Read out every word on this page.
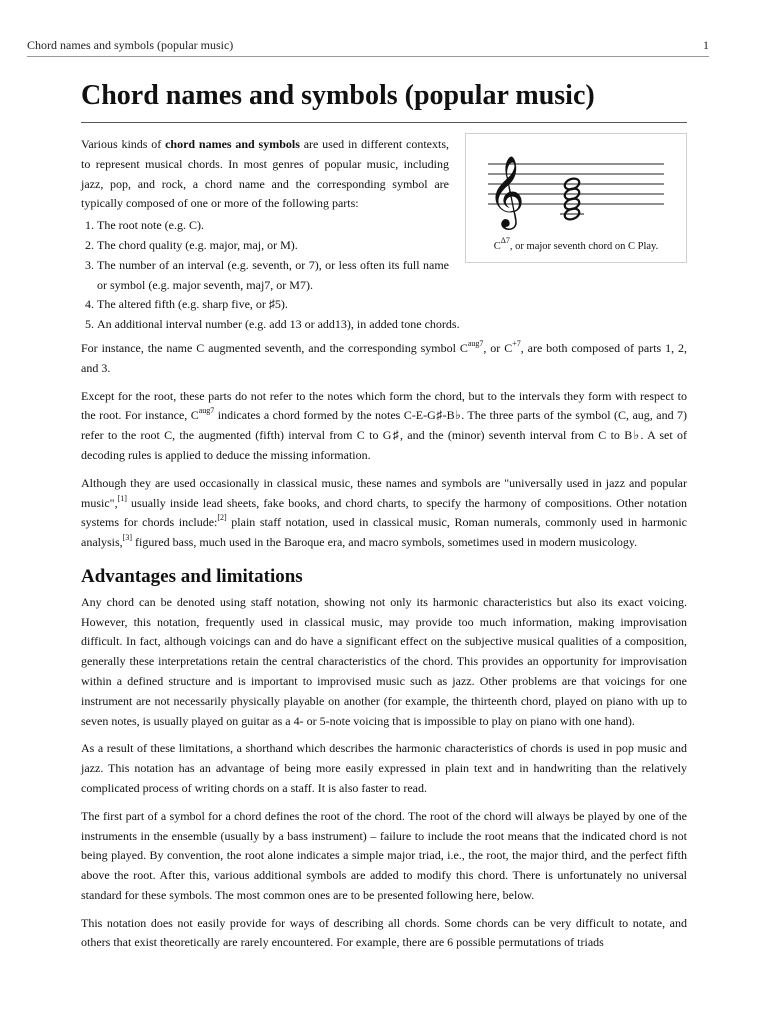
Chord names and symbols (popular music)	1
Chord names and symbols (popular music)
𝄞
$C^{\Delta 7}$, or major seventh chord on C Play.

Various kinds of chord names and symbols are used in different contexts, to represent musical chords. In most genres of popular music, including jazz, pop, and rock, a chord name and the corresponding symbol are typically composed of one or more of the following parts:

1. The root note (e.g. C).
2. The chord quality (e.g. major, maj, or M).
3. The number of an interval (e.g. seventh, or 7), or less often its full name or symbol (e.g. major seventh, maj7, or M7).
4. The altered fifth (e.g. sharp five, or ♯5).
5. An additional interval number (e.g. add 13 or add13), in added tone chords.

For instance, the name C augmented seventh, and the corresponding symbol $C^{aug7}$, or $C^{+7}$, are both composed of parts 1, 2, and 3.

Except for the root, these parts do not refer to the notes which form the chord, but to the intervals they form with respect to the root. For instance, $C^{aug7}$ indicates a chord formed by the notes C-E-G♯-B♭. The three parts of the symbol (C, aug, and 7) refer to the root C, the augmented (fifth) interval from C to G♯, and the (minor) seventh interval from C to B♭. A set of decoding rules is applied to deduce the missing information.

Although they are used occasionally in classical music, these names and symbols are "universally used in jazz and popular music",[1] usually inside lead sheets, fake books, and chord charts, to specify the harmony of compositions. Other notation systems for chords include:[2] plain staff notation, used in classical music, Roman numerals, commonly used in harmonic analysis,[3] figured bass, much used in the Baroque era, and macro symbols, sometimes used in modern musicology.

Advantages and limitations

Any chord can be denoted using staff notation, showing not only its harmonic characteristics but also its exact voicing. However, this notation, frequently used in classical music, may provide too much information, making improvisation difficult. In fact, although voicings can and do have a significant effect on the subjective musical qualities of a composition, generally these interpretations retain the central characteristics of the chord. This provides an opportunity for improvisation within a defined structure and is important to improvised music such as jazz. Other problems are that voicings for one instrument are not necessarily physically playable on another (for example, the thirteenth chord, played on piano with up to seven notes, is usually played on guitar as a 4- or 5-note voicing that is impossible to play on piano with one hand).

As a result of these limitations, a shorthand which describes the harmonic characteristics of chords is used in pop music and jazz. This notation has an advantage of being more easily expressed in plain text and in handwriting than the relatively complicated process of writing chords on a staff. It is also faster to read.

The first part of a symbol for a chord defines the root of the chord. The root of the chord will always be played by one of the instruments in the ensemble (usually by a bass instrument) – failure to include the root means that the indicated chord is not being played. By convention, the root alone indicates a simple major triad, i.e., the root, the major third, and the perfect fifth above the root. After this, various additional symbols are added to modify this chord. There is unfortunately no universal standard for these symbols. The most common ones are to be presented following here, below.

This notation does not easily provide for ways of describing all chords. Some chords can be very difficult to notate, and others that exist theoretically are rarely encountered. For example, there are 6 possible permutations of triads
